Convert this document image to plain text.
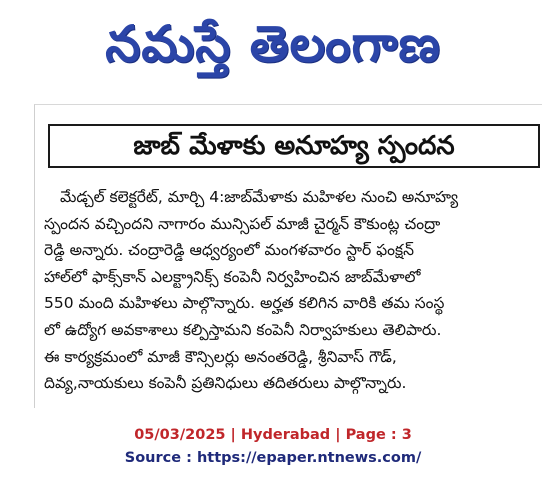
నమస్తే తెలంగాణ
జాబ్ మేళాకు అనూహ్య స్పందన
మేడ్చల్ కలెక్టరేట్, మార్చి 4:జాబ్‌మేళాకు మహిళల నుంచి అనూహ్య
స్పందన వచ్చిందని నాగారం మున్సిపల్ మాజీ చైర్మన్ కౌకుంట్ల చంద్రా
రెడ్డి అన్నారు. చంద్రారెడ్డి ఆధ్వర్యంలో మంగళవారం స్టార్ ఫంక్షన్
హాల్‌లో ఫాక్స్‌కాన్ ఎలక్ట్రానిక్స్ కంపెనీ నిర్వహించిన జాబ్‌మేళాలో
550 మంది మహిళలు పాల్గొన్నారు. అర్హత కలిగిన వారికి తమ సంస్థ
లో ఉద్యోగ అవకాశాలు కల్పిస్తామని కంపెనీ నిర్వాహకులు తెలిపారు.
ఈ కార్యక్రమంలో మాజీ కౌన్సిలర్లు అనంతరెడ్డి, శ్రీనివాస్ గౌడ్,
దివ్య,నాయకులు కంపెనీ ప్రతినిధులు తదితరులు పాల్గొన్నారు.
05/03/2025 | Hyderabad | Page : 3
Source : https://epaper.ntnews.com/
